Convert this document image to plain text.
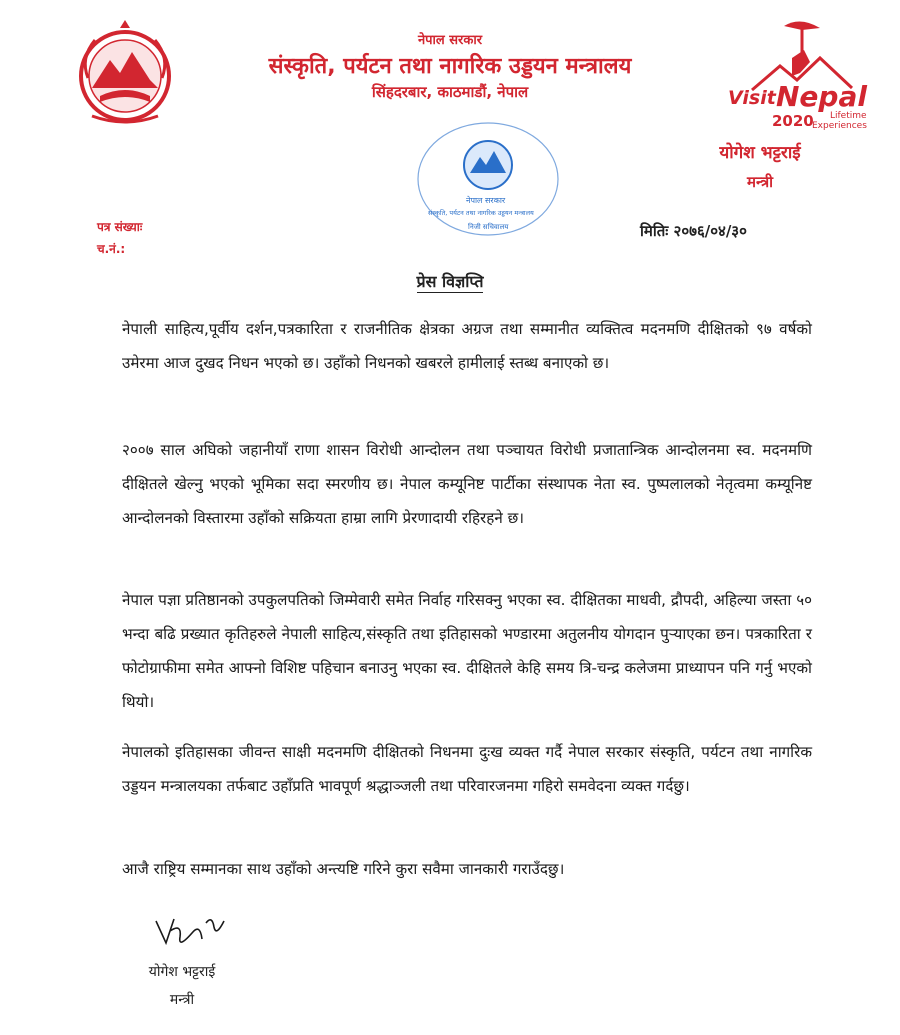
नेपाल सरकार
संस्कृति, पर्यटन तथा नागरिक उड्डयन मन्त्रालय
सिंहदरबार, काठमाडौं, नेपाल	Visit Nepal
2020 Lifetime
Experiences
योगेश भट्टराई
मन्त्री
नेपाल सरकार
संस्कृति, पर्यटन तथा नागरिक उड्डयन मन्त्रालय
निजी सचिवालय
पत्र संख्याः
च.नं.:
मितिः २०७६/०४/३०
प्रेस विज्ञप्ति
नेपाली साहित्य,पूर्वीय दर्शन,पत्रकारिता र राजनीतिक क्षेत्रका अग्रज तथा सम्मानीत व्यक्तित्व मदनमणि दीक्षितको ९७ वर्षको उमेरमा आज दुखद निधन भएको छ। उहाँको निधनको खबरले हामीलाई स्तब्ध बनाएको छ।
२००७ साल अघिको जहानीयाँ राणा शासन विरोधी आन्दोलन तथा पञ्चायत विरोधी प्रजातान्त्रिक आन्दोलनमा स्व. मदनमणि दीक्षितले खेल्नु भएको भूमिका सदा स्मरणीय छ। नेपाल कम्यूनिष्ट पार्टीका संस्थापक नेता स्व. पुष्पलालको नेतृत्वमा कम्यूनिष्ट आन्दोलनको विस्तारमा उहाँको सक्रियता हाम्रा लागि प्रेरणादायी रहिरहने छ।
नेपाल पज्ञा प्रतिष्ठानको उपकुलपतिको जिम्मेवारी समेत निर्वाह गरिसक्नु भएका स्व. दीक्षितका माधवी, द्रौपदी, अहिल्या जस्ता ५० भन्दा बढि प्रख्यात कृतिहरुले नेपाली साहित्य,संस्कृति तथा इतिहासको भण्डारमा अतुलनीय योगदान पुर्‍याएका छन। पत्रकारिता र फोटोग्राफीमा समेत आफ्नो विशिष्ट पहिचान बनाउनु भएका स्व. दीक्षितले केहि समय त्रि-चन्द्र कलेजमा प्राध्यापन पनि गर्नु भएको थियो।
नेपालको इतिहासका जीवन्त साक्षी मदनमणि दीक्षितको निधनमा दुःख व्यक्त गर्दै नेपाल सरकार संस्कृति, पर्यटन तथा नागरिक उड्डयन मन्त्रालयका तर्फबाट उहाँप्रति भावपूर्ण श्रद्धाञ्जली तथा परिवारजनमा गहिरो समवेदना व्यक्त गर्दछु।
आजै राष्ट्रिय सम्मानका साथ उहाँको अन्त्यष्टि गरिने कुरा सवैमा जानकारी गराउँदछु।
योगेश भट्टराई
मन्त्री
